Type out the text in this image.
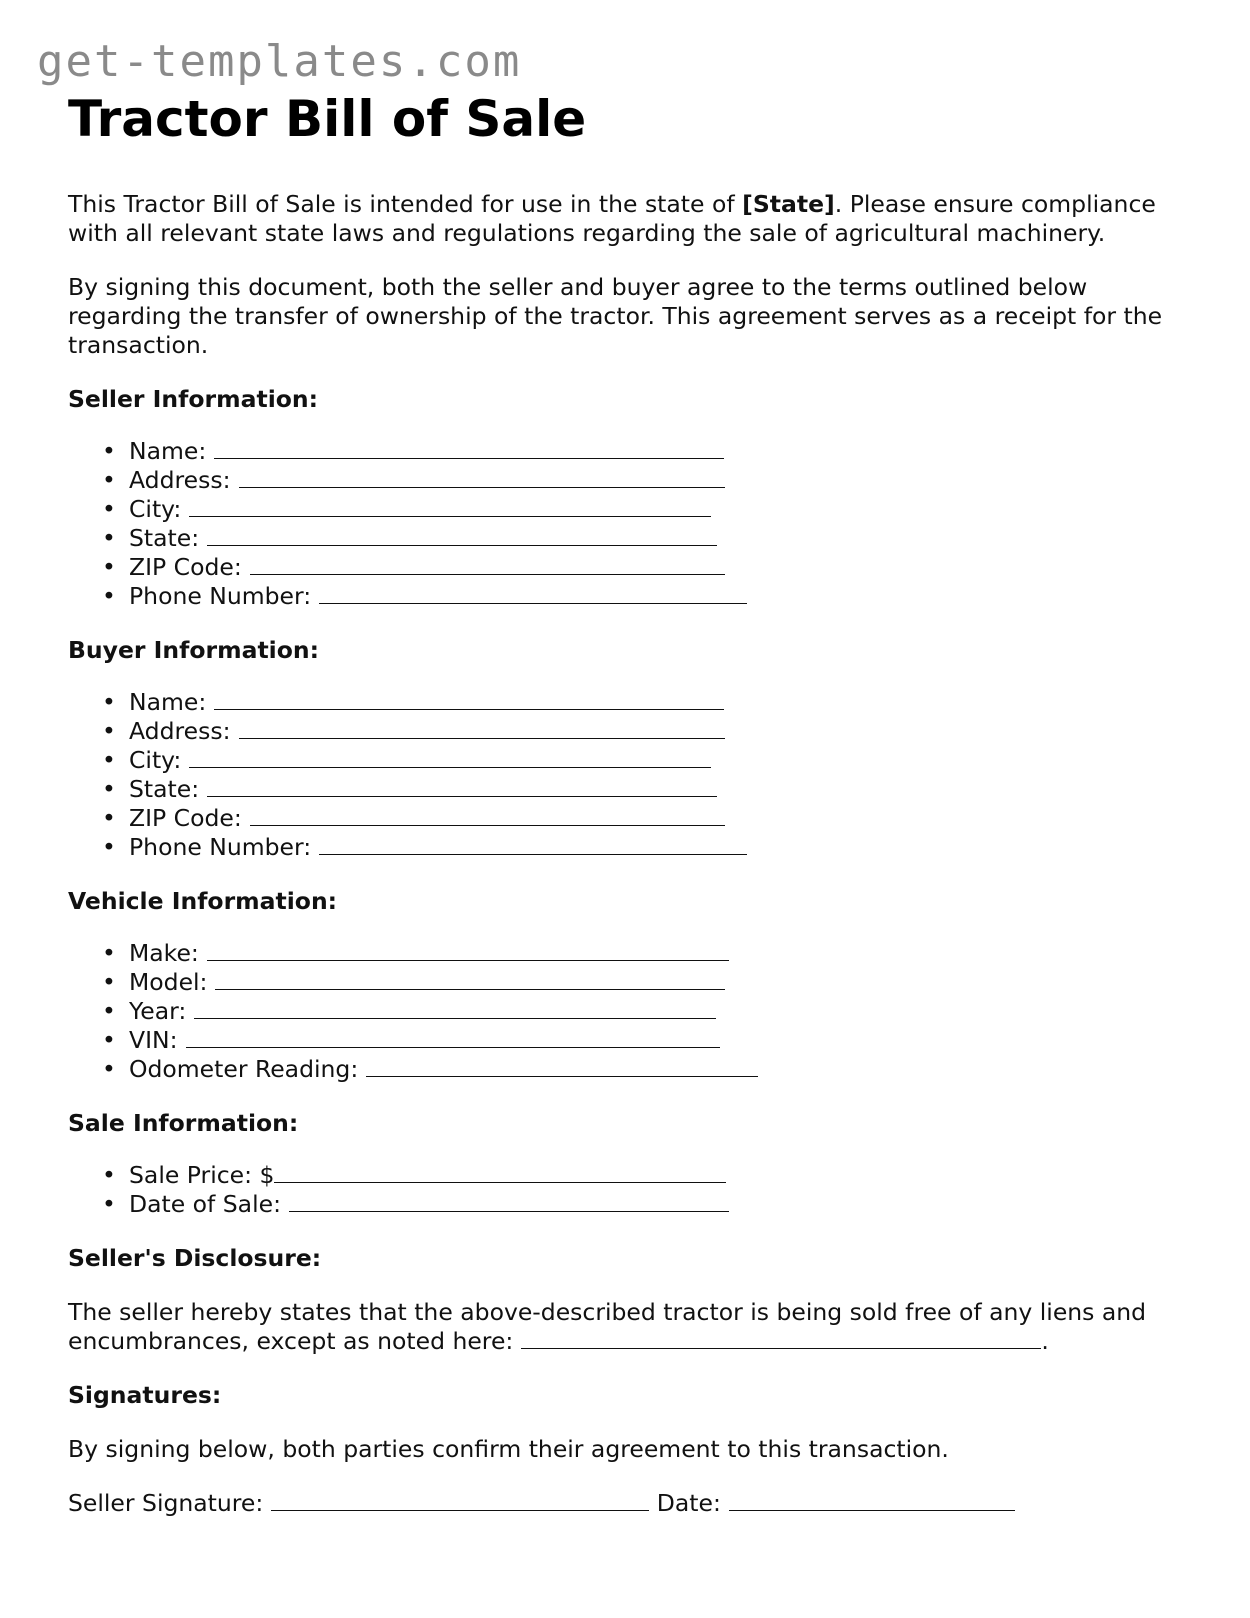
get-templates.com
Tractor Bill of Sale

This Tractor Bill of Sale is intended for use in the state of [State]. Please ensure compliance with all relevant state laws and regulations regarding the sale of agricultural machinery.

By signing this document, both the seller and buyer agree to the terms outlined below regarding the transfer of ownership of the tractor. This agreement serves as a receipt for the transaction.

Seller Information:
• Name:
• Address:
• City:
• State:
• ZIP Code:
• Phone Number:
Buyer Information:
• Name:
• Address:
• City:
• State:
• ZIP Code:
• Phone Number:
Vehicle Information:
• Make:
• Model:
• Year:
• VIN:
• Odometer Reading:
Sale Information:
• Sale Price: $
• Date of Sale:
Seller's Disclosure:

The seller hereby states that the above-described tractor is being sold free of any liens and encumbrances, except as noted here:	.

Signatures:

By signing below, both parties confirm their agreement to this transaction.

Seller Signature:	Date:
